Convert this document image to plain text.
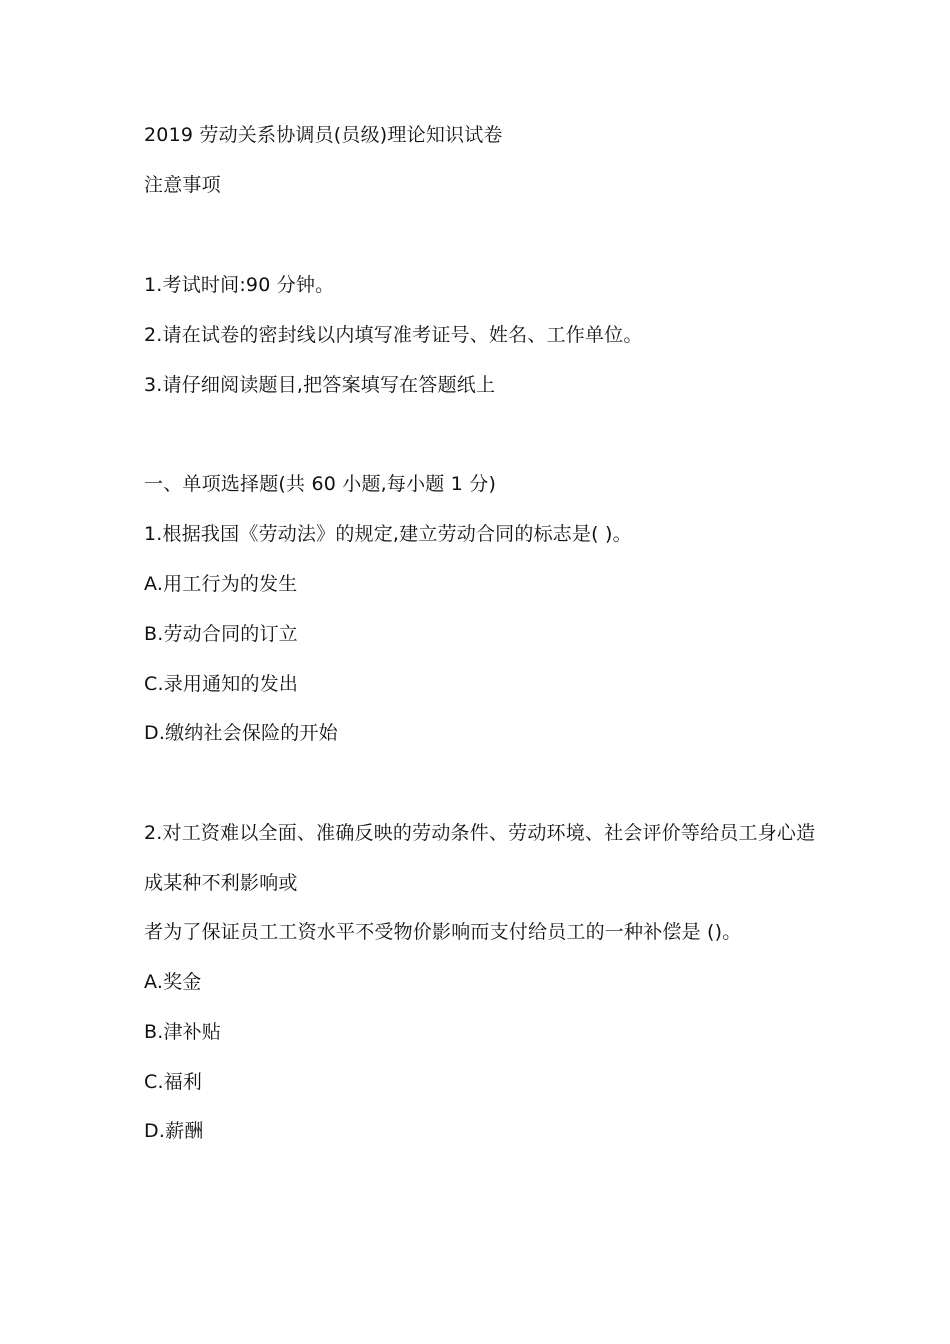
2019 劳动关系协调员(员级)理论知识试卷
注意事项
1.考试时间:90 分钟。
2.请在试卷的密封线以内填写准考证号、姓名、工作单位。
3.请仔细阅读题目,把答案填写在答题纸上
一、单项选择题(共 60 小题,每小题 1 分)
1.根据我国《劳动法》的规定,建立劳动合同的标志是( )。
A.用工行为的发生
B.劳动合同的订立
C.录用通知的发出
D.缴纳社会保险的开始
2.对工资难以全面、准确反映的劳动条件、劳动环境、社会评价等给员工身心造
成某种不利影响或
者为了保证员工工资水平不受物价影响而支付给员工的一种补偿是 ()。
A.奖金
B.津补贴
C.福利
D.薪酬
